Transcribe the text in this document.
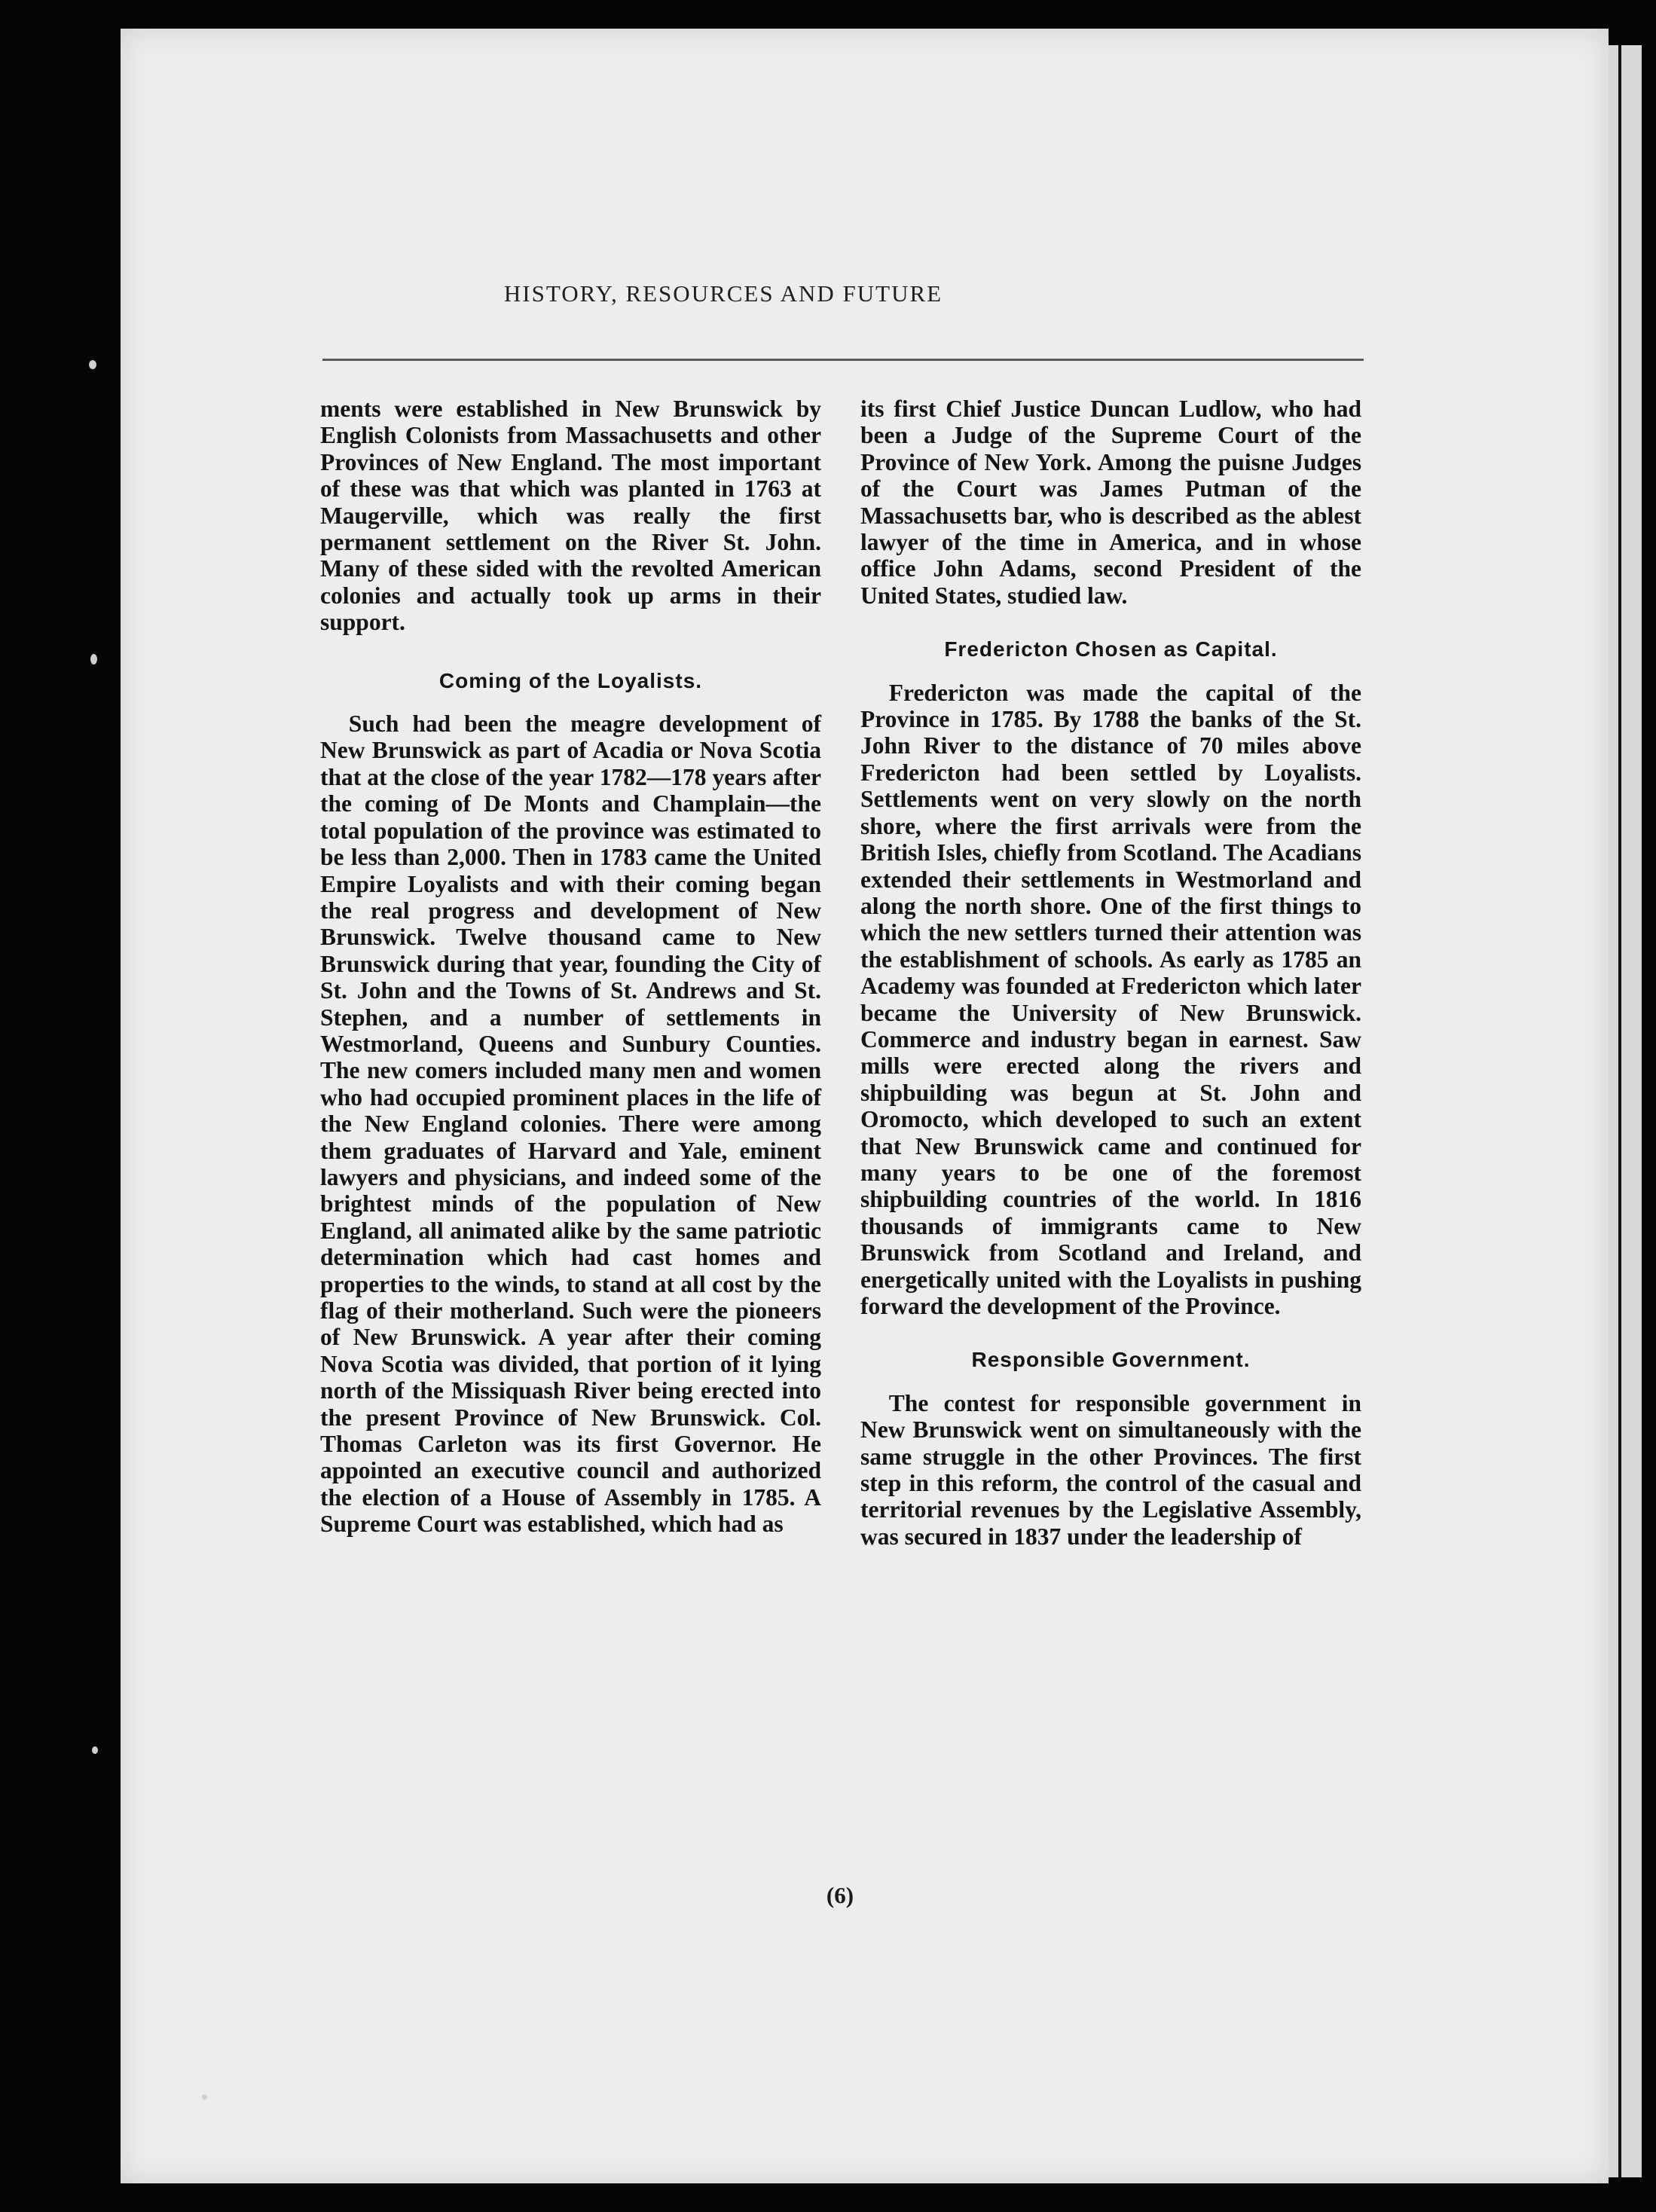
HISTORY, RESOURCES AND FUTURE

ments were established in New Brunswick by English Colonists from Massachusetts and other Provinces of New England. The most important of these was that which was planted in 1763 at Maugerville, which was really the first permanent settlement on the River St. John. Many of these sided with the revolted American colonies and actually took up arms in their support.

Coming of the Loyalists.

Such had been the meagre development of New Brunswick as part of Acadia or Nova Scotia that at the close of the year 1782—178 years after the coming of De Monts and Champlain—the total population of the province was estimated to be less than 2,000. Then in 1783 came the United Empire Loyalists and with their coming began the real progress and development of New Brunswick. Twelve thousand came to New Brunswick during that year, founding the City of St. John and the Towns of St. Andrews and St. Stephen, and a number of settlements in Westmorland, Queens and Sunbury Counties. The new comers included many men and women who had occupied prominent places in the life of the New England colonies. There were among them graduates of Harvard and Yale, eminent lawyers and physicians, and indeed some of the brightest minds of the population of New England, all animated alike by the same patriotic determination which had cast homes and properties to the winds, to stand at all cost by the flag of their motherland. Such were the pioneers of New Brunswick. A year after their coming Nova Scotia was divided, that portion of it lying north of the Missiquash River being erected into the present Province of New Brunswick. Col. Thomas Carleton was its first Governor. He appointed an executive council and authorized the election of a House of Assembly in 1785. A Supreme Court was established, which had as

its first Chief Justice Duncan Ludlow, who had been a Judge of the Supreme Court of the Province of New York. Among the puisne Judges of the Court was James Putman of the Massachusetts bar, who is described as the ablest lawyer of the time in America, and in whose office John Adams, second President of the United States, studied law.

Fredericton Chosen as Capital.

Fredericton was made the capital of the Province in 1785. By 1788 the banks of the St. John River to the distance of 70 miles above Fredericton had been settled by Loyalists. Settlements went on very slowly on the north shore, where the first arrivals were from the British Isles, chiefly from Scotland. The Acadians extended their settlements in Westmorland and along the north shore. One of the first things to which the new settlers turned their attention was the establishment of schools. As early as 1785 an Academy was founded at Fredericton which later became the University of New Brunswick. Commerce and industry began in earnest. Saw mills were erected along the rivers and shipbuilding was begun at St. John and Oromocto, which developed to such an extent that New Brunswick came and continued for many years to be one of the foremost shipbuilding countries of the world. In 1816 thousands of immigrants came to New Brunswick from Scotland and Ireland, and energetically united with the Loyalists in pushing forward the development of the Province.

Responsible Government.

The contest for responsible government in New Brunswick went on simultaneously with the same struggle in the other Provinces. The first step in this reform, the control of the casual and territorial revenues by the Legislative Assembly, was secured in 1837 under the leadership of

(6)
